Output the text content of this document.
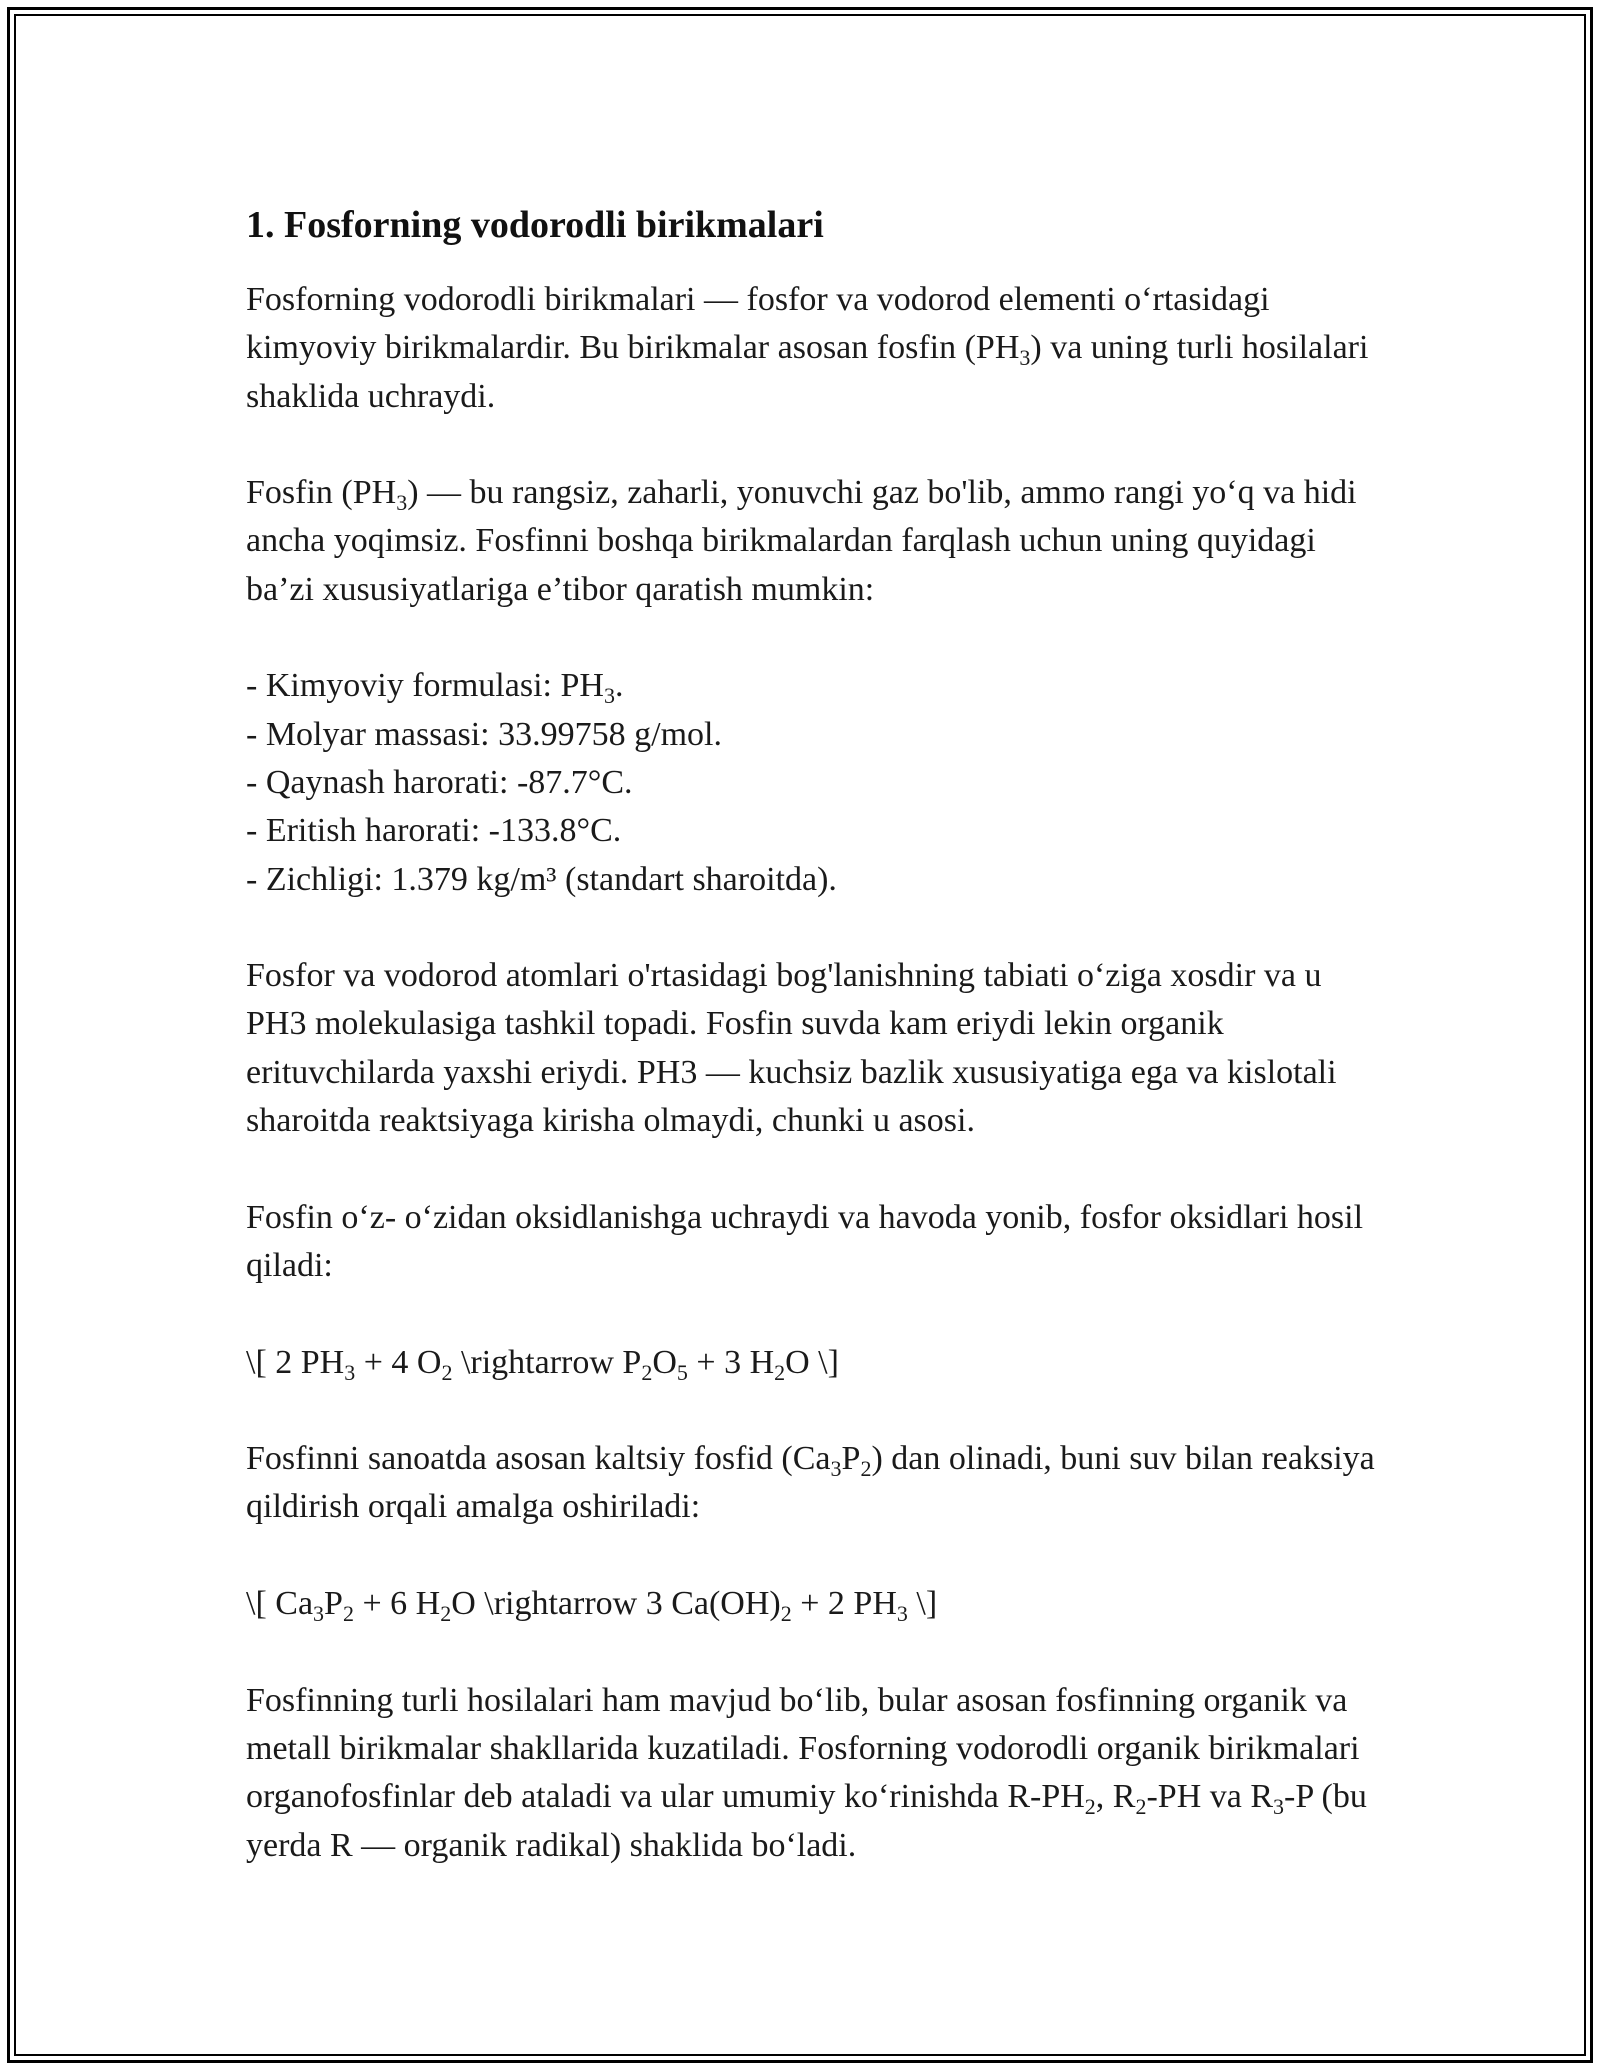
1. Fosforning vodorodli birikmalari

Fosforning vodorodli birikmalari — fosfor va vodorod elementi o‘rtasidagi kimyoviy birikmalardir. Bu birikmalar asosan fosfin $(PH_3)$ va uning turli hosilalari shaklida uchraydi.

Fosfin $(PH_3)$ — bu rangsiz, zaharli, yonuvchi gaz bo'lib, ammo rangi yo‘q va hidi ancha yoqimsiz. Fosfinni boshqa birikmalardan farqlash uchun uning quyidagi ba’zi xususiyatlariga e’tibor qaratish mumkin:

- Kimyoviy formulasi: $PH_3$.

- Molyar massasi: 33.99758 g/mol.

- Qaynash harorati: -87.7°C.

- Eritish harorati: -133.8°C.

- Zichligi: 1.379 kg/m³ (standart sharoitda).

Fosfor va vodorod atomlari o'rtasidagi bog'lanishning tabiati o‘ziga xosdir va u PH3 molekulasiga tashkil topadi. Fosfin suvda kam eriydi lekin organik erituvchilarda yaxshi eriydi. PH3 — kuchsiz bazlik xususiyatiga ega va kislotali sharoitda reaktsiyaga kirisha olmaydi, chunki u asosi.

Fosfin o‘z- o‘zidan oksidlanishga uchraydi va havoda yonib, fosfor oksidlari hosil qiladi:

\[ 2 $PH_3 + 4$ $O_2$ \rightarrow $P_2O_5 + 3$ $H_2O$ \]

Fosfinni sanoatda asosan kaltsiy fosfid $(Ca_3P_2)$ dan olinadi, buni suv bilan reaksiya qildirish orqali amalga oshiriladi:

\[ $Ca_3P_2 + 6$ $H_2O$ \rightarrow 3 $Ca(OH)_2 + 2$ $PH_3$ \]

Fosfinning turli hosilalari ham mavjud bo‘lib, bular asosan fosfinning organik va metall birikmalar shakllarida kuzatiladi. Fosforning vodorodli organik birikmalari organofosfinlar deb ataladi va ular umumiy ko‘rinishda $R-PH_2$, $R_2-PH$ va $R_3-P$ (bu yerda R — organik radikal) shaklida bo‘ladi.
